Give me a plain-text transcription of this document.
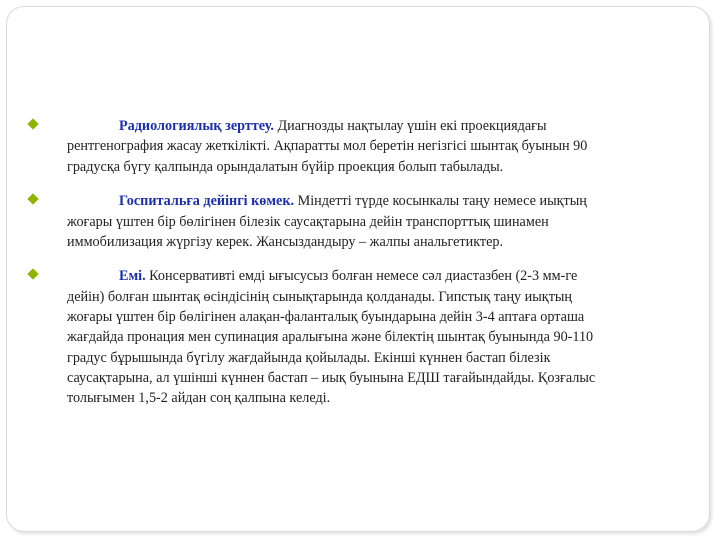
Радиологиялық зерттеу. Диагнозды нақтылау үшін екі проекциядағы рентгенография жасау жеткілікті. Ақпаратты мол беретін негізгісі шынтақ буынын 90 градусқа бүгу қалпында орындалатын бүйір проекция болып табылады.

Госпитальға дейінгі көмек. Міндетті түрде косынкалы таңу немесе иықтың жоғары үштен бір бөлігінен білезік саусақтарына дейін транспорттық шинамен иммобилизация жүргізу керек. Жансыздандыру – жалпы анальгетиктер.

Емі. Консервативті емді ығысусыз болған немесе сәл диастазбен (2-3 мм-ге дейін) болған шынтақ өсіндісінің сынықтарында қолданады. Гипстық таңу иықтың жоғары үштен бір бөлігінен алақан-фаланталық буындарына дейін 3-4 аптаға орташа жағдайда пронация мен супинация аралығына және білектің шынтақ буынында 90-110 градус бұрышында бүгілу жағдайында қойылады. Екінші күннен бастап білезік саусақтарына, ал үшінші күннен бастап – иық буынына ЕДШ тағайындайды. Қозғалыс толығымен 1,5-2 айдан соң қалпына келеді.
